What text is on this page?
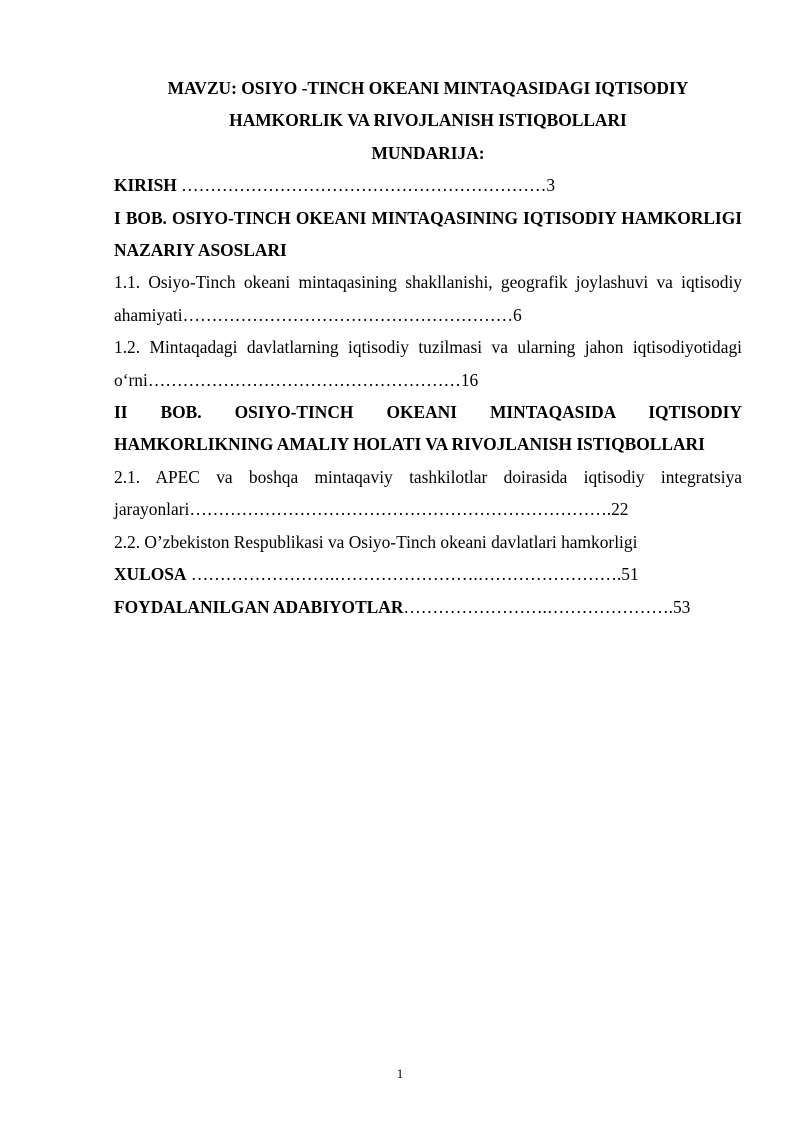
MAVZU: OSIYO -TINCH OKEANI MINTAQASIDAGI IQTISODIY

HAMKORLIK VA RIVOJLANISH ISTIQBOLLARI

MUNDARIJA:

KIRISH ………………………………………………………3

I BOB. OSIYO-TINCH OKEANI MINTAQASINING IQTISODIY HAMKORLIGI NAZARIY ASOSLARI

1.1. Osiyo-Tinch okeani mintaqasining shakllanishi, geografik joylashuvi va iqtisodiy ahamiyati…………………………………………………6

1.2. Mintaqadagi davlatlarning iqtisodiy tuzilmasi va ularning jahon iqtisodiyotidagi o‘rni………………………………………………16

II BOB. OSIYO-TINCH OKEANI MINTAQASIDA IQTISODIY HAMKORLIKNING AMALIY HOLATI VA RIVOJLANISH ISTIQBOLLARI

2.1. APEC va boshqa mintaqaviy tashkilotlar doirasida iqtisodiy integratsiya jarayonlari……………………………………………………………….22

2.2. O’zbekiston Respublikasi va Osiyo-Tinch okeani davlatlari hamkorligi

XULOSA …………………….…………………….…………………….51

FOYDALANILGAN ADABIYOTLAR…………………….………………….53

1
